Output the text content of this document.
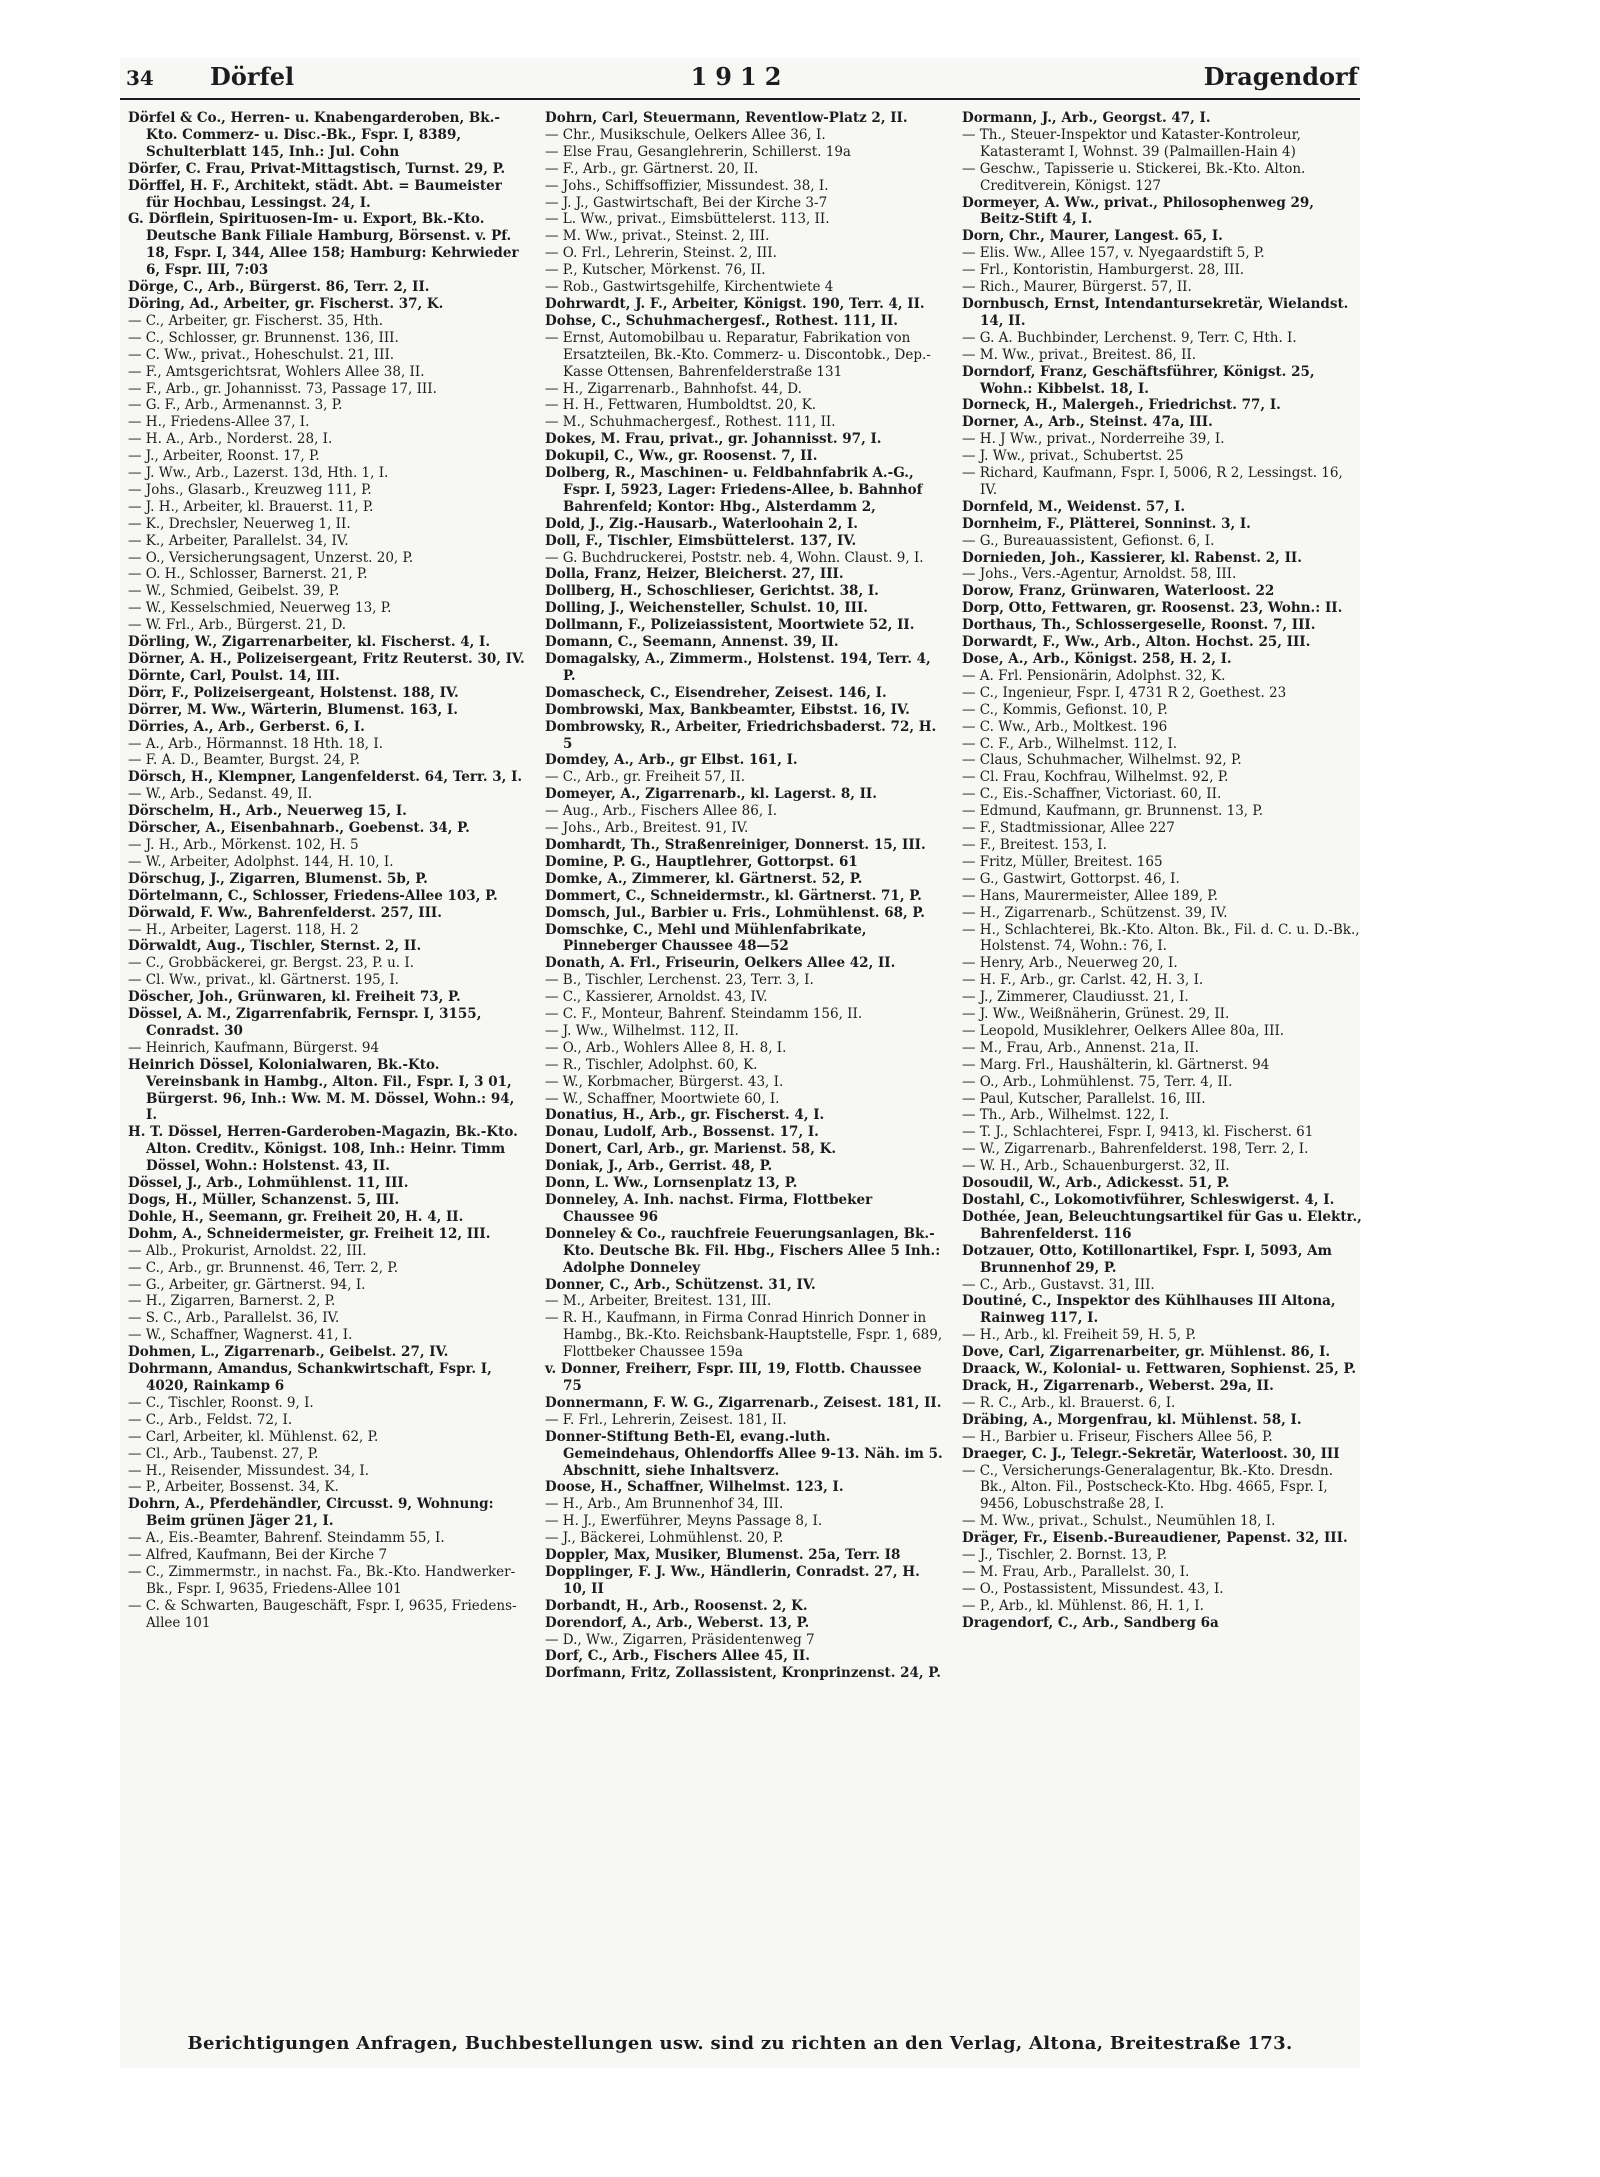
34 Dörfel	1912	Dragendorf
Dörfel & Co., Herren- u. Knabengarderoben, Bk.-Kto. Commerz- u. Disc.-Bk., Fspr. I, 8389, Schulterblatt 145, Inh.: Jul. Cohn
Dörfer, C. Frau, Privat-Mittagstisch, Turnst. 29, P.
Dörffel, H. F., Architekt, städt. Abt. = Baumeister für Hochbau, Lessingst. 24, I.
G. Dörflein, Spirituosen-Im- u. Export, Bk.-Kto. Deutsche Bank Filiale Hamburg, Börsenst. v. Pf. 18, Fspr. I, 344, Allee 158; Hamburg: Kehrwieder 6, Fspr. III, 7:03
Dörge, C., Arb., Bürgerst. 86, Terr. 2, II.
Döring, Ad., Arbeiter, gr. Fischerst. 37, K.
— C., Arbeiter, gr. Fischerst. 35, Hth.
— C., Schlosser, gr. Brunnenst. 136, III.
— C. Ww., privat., Hoheschulst. 21, III.
— F., Amtsgerichtsrat, Wohlers Allee 38, II.
— F., Arb., gr. Johannisst. 73, Passage 17, III.
— G. F., Arb., Armenannst. 3, P.
— H., Friedens-Allee 37, I.
— H. A., Arb., Norderst. 28, I.
— J., Arbeiter, Roonst. 17, P.
— J. Ww., Arb., Lazerst. 13d, Hth. 1, I.
— Johs., Glasarb., Kreuzweg 111, P.
— J. H., Arbeiter, kl. Brauerst. 11, P.
— K., Drechsler, Neuerweg 1, II.
— K., Arbeiter, Parallelst. 34, IV.
— O., Versicherungsagent, Unzerst. 20, P.
— O. H., Schlosser, Barnerst. 21, P.
— W., Schmied, Geibelst. 39, P.
— W., Kesselschmied, Neuerweg 13, P.
— W. Frl., Arb., Bürgerst. 21, D.
Dörling, W., Zigarrenarbeiter, kl. Fischerst. 4, I.
Dörner, A. H., Polizeisergeant, Fritz Reuterst. 30, IV.
Dörnte, Carl, Poulst. 14, III.
Dörr, F., Polizeisergeant, Holstenst. 188, IV.
Dörrer, M. Ww., Wärterin, Blumenst. 163, I.
Dörries, A., Arb., Gerberst. 6, I.
— A., Arb., Hörmannst. 18 Hth. 18, I.
— F. A. D., Beamter, Burgst. 24, P.
Dörsch, H., Klempner, Langenfelderst. 64, Terr. 3, I.
— W., Arb., Sedanst. 49, II.
Dörschelm, H., Arb., Neuerweg 15, I.
Dörscher, A., Eisenbahnarb., Goebenst. 34, P.
— J. H., Arb., Mörkenst. 102, H. 5
— W., Arbeiter, Adolphst. 144, H. 10, I.
Dörschug, J., Zigarren, Blumenst. 5b, P.
Dörtelmann, C., Schlosser, Friedens-Allee 103, P.
Dörwald, F. Ww., Bahrenfelderst. 257, III.
— H., Arbeiter, Lagerst. 118, H. 2
Dörwaldt, Aug., Tischler, Sternst. 2, II.
— C., Grobbäckerei, gr. Bergst. 23, P. u. I.
— Cl. Ww., privat., kl. Gärtnerst. 195, I.
Döscher, Joh., Grünwaren, kl. Freiheit 73, P.
Dössel, A. M., Zigarrenfabrik, Fernspr. I, 3155, Conradst. 30
— Heinrich, Kaufmann, Bürgerst. 94
Heinrich Dössel, Kolonialwaren, Bk.-Kto. Vereinsbank in Hambg., Alton. Fil., Fspr. I, 3 01, Bürgerst. 96, Inh.: Ww. M. M. Dössel, Wohn.: 94, I.
H. T. Dössel, Herren-Garderoben-Magazin, Bk.-Kto. Alton. Creditv., Königst. 108, Inh.: Heinr. Timm Dössel, Wohn.: Holstenst. 43, II.
Dössel, J., Arb., Lohmühlenst. 11, III.
Dogs, H., Müller, Schanzenst. 5, III.
Dohle, H., Seemann, gr. Freiheit 20, H. 4, II.
Dohm, A., Schneidermeister, gr. Freiheit 12, III.
— Alb., Prokurist, Arnoldst. 22, III.
— C., Arb., gr. Brunnenst. 46, Terr. 2, P.
— G., Arbeiter, gr. Gärtnerst. 94, I.
— H., Zigarren, Barnerst. 2, P.
— S. C., Arb., Parallelst. 36, IV.
— W., Schaffner, Wagnerst. 41, I.
Dohmen, L., Zigarrenarb., Geibelst. 27, IV.
Dohrmann, Amandus, Schankwirtschaft, Fspr. I, 4020, Rainkamp 6
— C., Tischler, Roonst. 9, I.
— C., Arb., Feldst. 72, I.
— Carl, Arbeiter, kl. Mühlenst. 62, P.
— Cl., Arb., Taubenst. 27, P.
— H., Reisender, Missundest. 34, I.
— P., Arbeiter, Bossenst. 34, K.
Dohrn, A., Pferdehändler, Circusst. 9, Wohnung: Beim grünen Jäger 21, I.
— A., Eis.-Beamter, Bahrenf. Steindamm 55, I.
— Alfred, Kaufmann, Bei der Kirche 7
— C., Zimmermstr., in nachst. Fa., Bk.-Kto. Handwerker-Bk., Fspr. I, 9635, Friedens-Allee 101
— C. & Schwarten, Baugeschäft, Fspr. I, 9635, Friedens-Allee 101
Dohrn, Carl, Steuermann, Reventlow-Platz 2, II.
— Chr., Musikschule, Oelkers Allee 36, I.
— Else Frau, Gesanglehrerin, Schillerst. 19a
— F., Arb., gr. Gärtnerst. 20, II.
— Johs., Schiffsoffizier, Missundest. 38, I.
— J. J., Gastwirtschaft, Bei der Kirche 3-7
— L. Ww., privat., Eimsbüttelerst. 113, II.
— M. Ww., privat., Steinst. 2, III.
— O. Frl., Lehrerin, Steinst. 2, III.
— P., Kutscher, Mörkenst. 76, II.
— Rob., Gastwirtsgehilfe, Kirchentwiete 4
Dohrwardt, J. F., Arbeiter, Königst. 190, Terr. 4, II.
Dohse, C., Schuhmachergesf., Rothest. 111, II.
— Ernst, Automobilbau u. Reparatur, Fabrikation von Ersatzteilen, Bk.-Kto. Commerz- u. Discontobk., Dep.-Kasse Ottensen, Bahrenfelderstraße 131
— H., Zigarrenarb., Bahnhofst. 44, D.
— H. H., Fettwaren, Humboldtst. 20, K.
— M., Schuhmachergesf., Rothest. 111, II.
Dokes, M. Frau, privat., gr. Johannisst. 97, I.
Dokupil, C., Ww., gr. Roosenst. 7, II.
Dolberg, R., Maschinen- u. Feldbahnfabrik A.-G., Fspr. I, 5923, Lager: Friedens-Allee, b. Bahnhof Bahrenfeld; Kontor: Hbg., Alsterdamm 2,
Dold, J., Zig.-Hausarb., Waterloohain 2, I.
Doll, F., Tischler, Eimsbüttelerst. 137, IV.
— G. Buchdruckerei, Poststr. neb. 4, Wohn. Claust. 9, I.
Dolla, Franz, Heizer, Bleicherst. 27, III.
Dollberg, H., Schoschlieser, Gerichtst. 38, I.
Dolling, J., Weichensteller, Schulst. 10, III.
Dollmann, F., Polizeiassistent, Moortwiete 52, II.
Domann, C., Seemann, Annenst. 39, II.
Domagalsky, A., Zimmerm., Holstenst. 194, Terr. 4, P.
Domascheck, C., Eisendreher, Zeisest. 146, I.
Dombrowski, Max, Bankbeamter, Eibstst. 16, IV.
Dombrowsky, R., Arbeiter, Friedrichsbaderst. 72, H. 5
Domdey, A., Arb., gr Elbst. 161, I.
— C., Arb., gr. Freiheit 57, II.
Domeyer, A., Zigarrenarb., kl. Lagerst. 8, II.
— Aug., Arb., Fischers Allee 86, I.
— Johs., Arb., Breitest. 91, IV.
Domhardt, Th., Straßenreiniger, Donnerst. 15, III.
Domine, P. G., Hauptlehrer, Gottorpst. 61
Domke, A., Zimmerer, kl. Gärtnerst. 52, P.
Dommert, C., Schneidermstr., kl. Gärtnerst. 71, P.
Domsch, Jul., Barbier u. Fris., Lohmühlenst. 68, P.
Domschke, C., Mehl und Mühlenfabrikate, Pinneberger Chaussee 48—52
Donath, A. Frl., Friseurin, Oelkers Allee 42, II.
— B., Tischler, Lerchenst. 23, Terr. 3, I.
— C., Kassierer, Arnoldst. 43, IV.
— C. F., Monteur, Bahrenf. Steindamm 156, II.
— J. Ww., Wilhelmst. 112, II.
— O., Arb., Wohlers Allee 8, H. 8, I.
— R., Tischler, Adolphst. 60, K.
— W., Korbmacher, Bürgerst. 43, I.
— W., Schaffner, Moortwiete 60, I.
Donatius, H., Arb., gr. Fischerst. 4, I.
Donau, Ludolf, Arb., Bossenst. 17, I.
Donert, Carl, Arb., gr. Marienst. 58, K.
Doniak, J., Arb., Gerrist. 48, P.
Donn, L. Ww., Lornsenplatz 13, P.
Donneley, A. Inh. nachst. Firma, Flottbeker Chaussee 96
Donneley & Co., rauchfreie Feuerungsanlagen, Bk.-Kto. Deutsche Bk. Fil. Hbg., Fischers Allee 5 Inh.: Adolphe Donneley
Donner, C., Arb., Schützenst. 31, IV.
— M., Arbeiter, Breitest. 131, III.
— R. H., Kaufmann, in Firma Conrad Hinrich Donner in Hambg., Bk.-Kto. Reichsbank-Hauptstelle, Fspr. 1, 689, Flottbeker Chaussee 159a
v. Donner, Freiherr, Fspr. III, 19, Flottb. Chaussee 75
Donnermann, F. W. G., Zigarrenarb., Zeisest. 181, II.
— F. Frl., Lehrerin, Zeisest. 181, II.
Donner-Stiftung Beth-El, evang.-luth. Gemeindehaus, Ohlendorffs Allee 9-13. Näh. im 5. Abschnitt, siehe Inhaltsverz.
Doose, H., Schaffner, Wilhelmst. 123, I.
— H., Arb., Am Brunnenhof 34, III.
— H. J., Ewerführer, Meyns Passage 8, I.
— J., Bäckerei, Lohmühlenst. 20, P.
Doppler, Max, Musiker, Blumenst. 25a, Terr. I8
Dopplinger, F. J. Ww., Händlerin, Conradst. 27, H. 10, II
Dorbandt, H., Arb., Roosenst. 2, K.
Dorendorf, A., Arb., Weberst. 13, P.
— D., Ww., Zigarren, Präsidentenweg 7
Dorf, C., Arb., Fischers Allee 45, II.
Dorfmann, Fritz, Zollassistent, Kronprinzenst. 24, P.
Dormann, J., Arb., Georgst. 47, I.
— Th., Steuer-Inspektor und Kataster-Kontroleur, Katasteramt I, Wohnst. 39 (Palmaillen-Hain 4)
— Geschw., Tapisserie u. Stickerei, Bk.-Kto. Alton. Creditverein, Königst. 127
Dormeyer, A. Ww., privat., Philosophenweg 29, Beitz-Stift 4, I.
Dorn, Chr., Maurer, Langest. 65, I.
— Elis. Ww., Allee 157, v. Nyegaardstift 5, P.
— Frl., Kontoristin, Hamburgerst. 28, III.
— Rich., Maurer, Bürgerst. 57, II.
Dornbusch, Ernst, Intendantursekretär, Wielandst. 14, II.
— G. A. Buchbinder, Lerchenst. 9, Terr. C, Hth. I.
— M. Ww., privat., Breitest. 86, II.
Dorndorf, Franz, Geschäftsführer, Königst. 25, Wohn.: Kibbelst. 18, I.
Dorneck, H., Malergeh., Friedrichst. 77, I.
Dorner, A., Arb., Steinst. 47a, III.
— H. J Ww., privat., Norderreihe 39, I.
— J. Ww., privat., Schubertst. 25
— Richard, Kaufmann, Fspr. I, 5006, R 2, Lessingst. 16, IV.
Dornfeld, M., Weidenst. 57, I.
Dornheim, F., Plätterei, Sonninst. 3, I.
— G., Bureauassistent, Gefionst. 6, I.
Dornieden, Joh., Kassierer, kl. Rabenst. 2, II.
— Johs., Vers.-Agentur, Arnoldst. 58, III.
Dorow, Franz, Grünwaren, Waterloost. 22
Dorp, Otto, Fettwaren, gr. Roosenst. 23, Wohn.: II.
Dorthaus, Th., Schlossergeselle, Roonst. 7, III.
Dorwardt, F., Ww., Arb., Alton. Hochst. 25, III.
Dose, A., Arb., Königst. 258, H. 2, I.
— A. Frl. Pensionärin, Adolphst. 32, K.
— C., Ingenieur, Fspr. I, 4731 R 2, Goethest. 23
— C., Kommis, Gefionst. 10, P.
— C. Ww., Arb., Moltkest. 196
— C. F., Arb., Wilhelmst. 112, I.
— Claus, Schuhmacher, Wilhelmst. 92, P.
— Cl. Frau, Kochfrau, Wilhelmst. 92, P.
— C., Eis.-Schaffner, Victoriast. 60, II.
— Edmund, Kaufmann, gr. Brunnenst. 13, P.
— F., Stadtmissionar, Allee 227
— F., Breitest. 153, I.
— Fritz, Müller, Breitest. 165
— G., Gastwirt, Gottorpst. 46, I.
— Hans, Maurermeister, Allee 189, P.
— H., Zigarrenarb., Schützenst. 39, IV.
— H., Schlachterei, Bk.-Kto. Alton. Bk., Fil. d. C. u. D.-Bk., Holstenst. 74, Wohn.: 76, I.
— Henry, Arb., Neuerweg 20, I.
— H. F., Arb., gr. Carlst. 42, H. 3, I.
— J., Zimmerer, Claudiusst. 21, I.
— J. Ww., Weißnäherin, Grünest. 29, II.
— Leopold, Musiklehrer, Oelkers Allee 80a, III.
— M., Frau, Arb., Annenst. 21a, II.
— Marg. Frl., Haushälterin, kl. Gärtnerst. 94
— O., Arb., Lohmühlenst. 75, Terr. 4, II.
— Paul, Kutscher, Parallelst. 16, III.
— Th., Arb., Wilhelmst. 122, I.
— T. J., Schlachterei, Fspr. I, 9413, kl. Fischerst. 61
— W., Zigarrenarb., Bahrenfelderst. 198, Terr. 2, I.
— W. H., Arb., Schauenburgerst. 32, II.
Dosoudil, W., Arb., Adickesst. 51, P.
Dostahl, C., Lokomotivführer, Schleswigerst. 4, I.
Dothée, Jean, Beleuchtungsartikel für Gas u. Elektr., Bahrenfelderst. 116
Dotzauer, Otto, Kotillonartikel, Fspr. I, 5093, Am Brunnenhof 29, P.
— C., Arb., Gustavst. 31, III.
Doutiné, C., Inspektor des Kühlhauses III Altona, Rainweg 117, I.
— H., Arb., kl. Freiheit 59, H. 5, P.
Dove, Carl, Zigarrenarbeiter, gr. Mühlenst. 86, I.
Draack, W., Kolonial- u. Fettwaren, Sophienst. 25, P.
Drack, H., Zigarrenarb., Weberst. 29a, II.
— R. C., Arb., kl. Brauerst. 6, I.
Dräbing, A., Morgenfrau, kl. Mühlenst. 58, I.
— H., Barbier u. Friseur, Fischers Allee 56, P.
Draeger, C. J., Telegr.-Sekretär, Waterloost. 30, III
— C., Versicherungs-Generalagentur, Bk.-Kto. Dresdn. Bk., Alton. Fil., Postscheck-Kto. Hbg. 4665, Fspr. I, 9456, Lobuschstraße 28, I.
— M. Ww., privat., Schulst., Neumühlen 18, I.
Dräger, Fr., Eisenb.-Bureaudiener, Papenst. 32, III.
— J., Tischler, 2. Bornst. 13, P.
— M. Frau, Arb., Parallelst. 30, I.
— O., Postassistent, Missundest. 43, I.
— P., Arb., kl. Mühlenst. 86, H. 1, I.
Dragendorf, C., Arb., Sandberg 6a
Berichtigungen Anfragen, Buchbestellungen usw. sind zu richten an den Verlag, Altona, Breitestraße 173.
